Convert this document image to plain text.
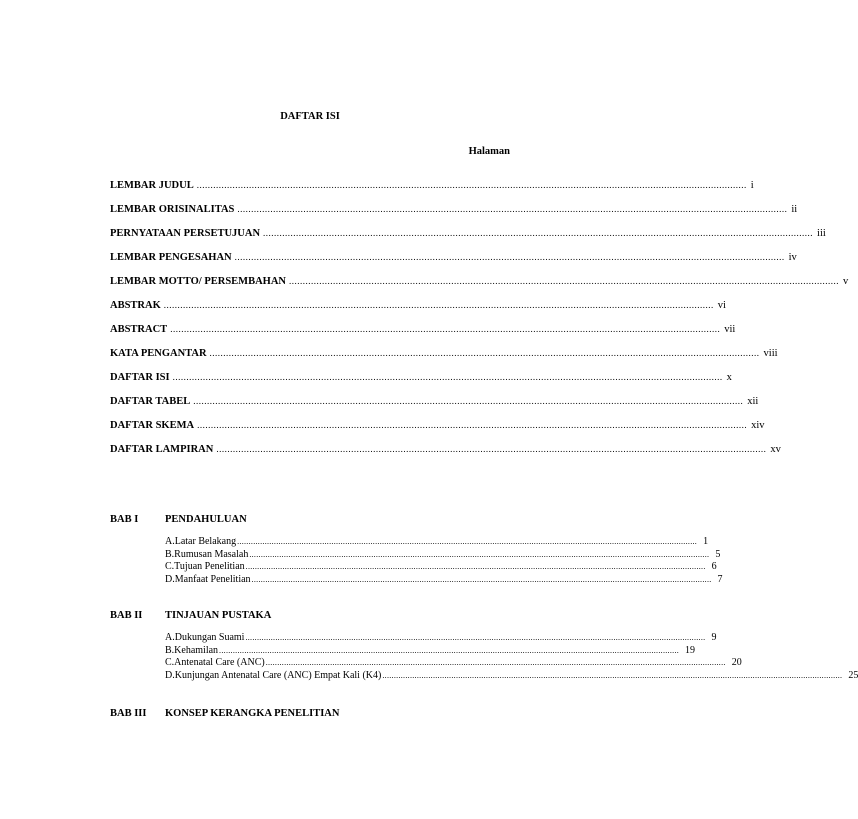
DAFTAR ISI
Halaman
LEMBAR JUDUL ........................................................................................................................................................................................................ i
LEMBAR ORISINALITAS ........................................................................................................................................................................................................ ii
PERNYATAAN PERSETUJUAN ........................................................................................................................................................................................................ iii
LEMBAR PENGESAHAN ........................................................................................................................................................................................................ iv
LEMBAR MOTTO/ PERSEMBAHAN ........................................................................................................................................................................................................ v
ABSTRAK ........................................................................................................................................................................................................ vi
ABSTRACT ........................................................................................................................................................................................................ vii
KATA PENGANTAR ........................................................................................................................................................................................................ viii
DAFTAR ISI ........................................................................................................................................................................................................ x
DAFTAR TABEL ........................................................................................................................................................................................................ xii
DAFTAR SKEMA ........................................................................................................................................................................................................ xiv
DAFTAR LAMPIRAN ........................................................................................................................................................................................................ xv
BAB I	PENDAHULUAN
A. Latar Belakang ........................................................................................................................................................................................................ 1
B. Rumusan Masalah ........................................................................................................................................................................................................ 5
C. Tujuan Penelitian ........................................................................................................................................................................................................ 6
D. Manfaat Penelitian ........................................................................................................................................................................................................ 7
BAB II	TINJAUAN PUSTAKA
A. Dukungan Suami ........................................................................................................................................................................................................ 9
B. Kehamilan ........................................................................................................................................................................................................ 19
C. Antenatal Care (ANC) ........................................................................................................................................................................................................ 20
D. Kunjungan Antenatal Care (ANC) Empat Kali (K4) ........................................................................................................................................................................................................ 25
BAB III	KONSEP KERANGKA PENELITIAN
